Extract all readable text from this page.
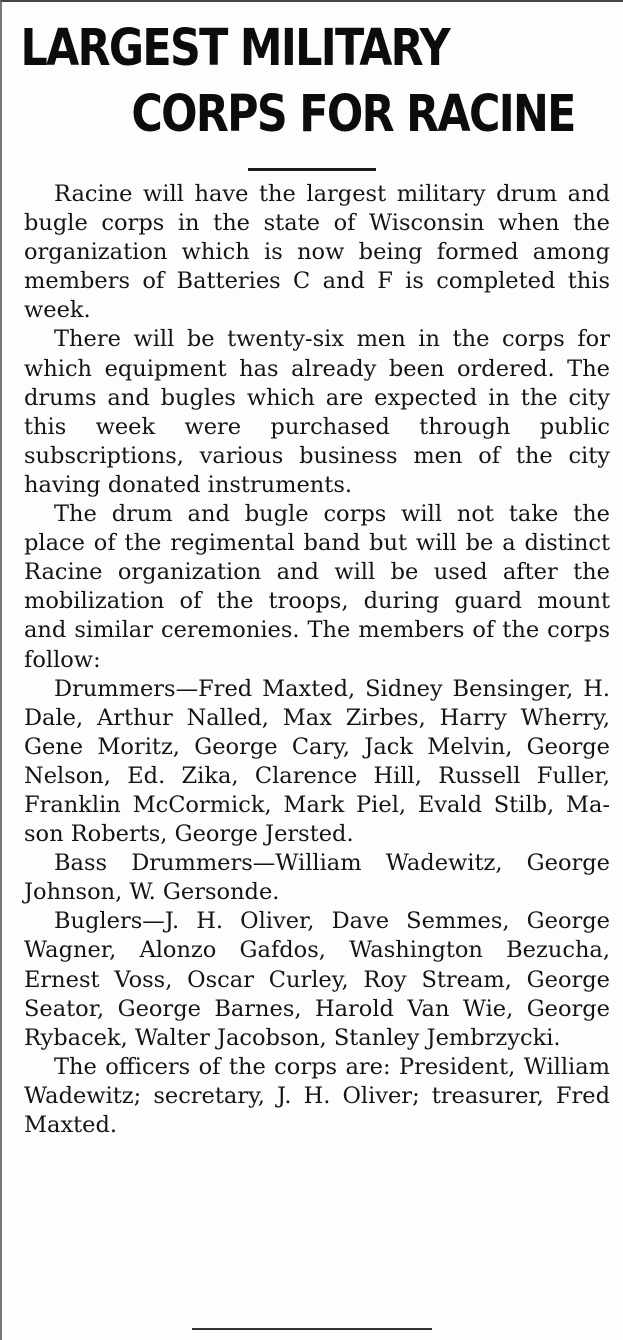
LARGEST MILITARY
CORPS FOR RACINE

Racine will have the largest military drum and bugle corps in the state of Wisconsin when the organization which is now being formed among members of Batteries C and F is completed this week.

There will be twenty-six men in the corps for which equipment has already been ordered. The drums and bugles which are expected in the city this week were purchased through public subscriptions, various business men of the city having donated instruments.

The drum and bugle corps will not take the place of the regimental band but will be a distinct Racine organization and will be used after the mobilization of the troops, during guard mount and similar ceremonies. The members of the corps follow:

Drummers—Fred Maxted, Sidney Bensinger, H. Dale, Arthur Nalled, Max Zirbes, Harry Wherry, Gene Moritz, George Cary, Jack Melvin, George Nelson, Ed. Zika, Clarence Hill, Russell Fuller, Franklin McCormick, Mark Piel, Evald Stilb, Mason Roberts, George Jersted.

Bass Drummers—William Wadewitz, George Johnson, W. Gersonde.

Buglers—J. H. Oliver, Dave Semmes, George Wagner, Alonzo Gafdos, Washington Bezucha, Ernest Voss, Oscar Curley, Roy Stream, George Seator, George Barnes, Harold Van Wie, George Rybacek, Walter Jacobson, Stanley Jembrzycki.

The officers of the corps are: President, William Wadewitz; secretary, J. H. Oliver; treasurer, Fred Maxted.
